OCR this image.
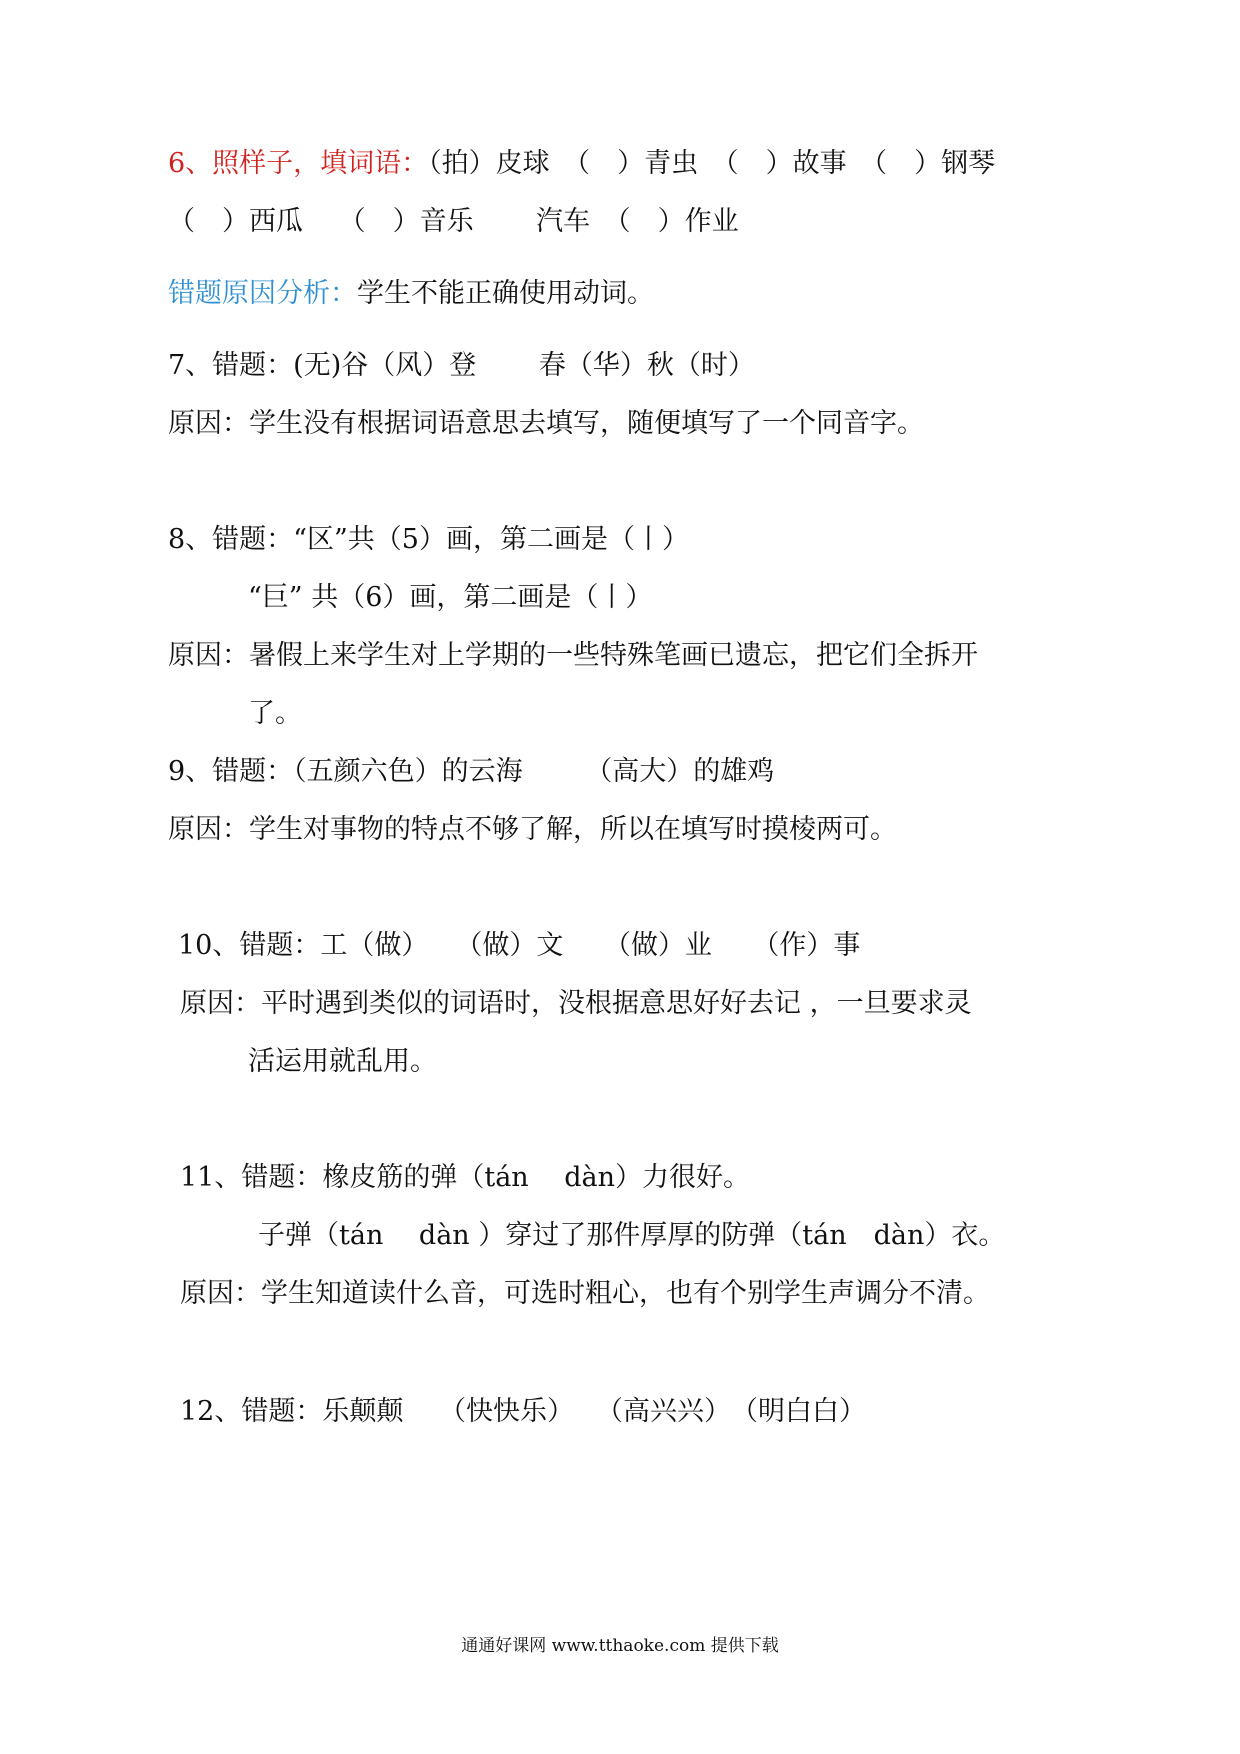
6、照样子，填词语：（拍）皮球　（　）青虫　（　）故事　（　）钢琴
（　）西瓜　 （　）音乐　 　汽车　（　）作业
错题原因分析：学生不能正确使用动词。
7、错题：(无)谷（风）登　　 春（华）秋（时）
原因：学生没有根据词语意思去填写，随便填写了一个同音字。
8、错题：“区”共（5）画，第二画是（丨）
“巨” 共（6）画，第二画是（丨）
原因：暑假上来学生对上学期的一些特殊笔画已遗忘，把它们全拆开
了。
9、错题：（五颜六色）的云海　　 （高大）的雄鸡
原因：学生对事物的特点不够了解，所以在填写时摸棱两可。
10、错题：工（做）　　（做）文　　（做）业　　（作）事
原因：平时遇到类似的词语时，没根据意思好好去记 ，一旦要求灵
活运用就乱用。
11、错题：橡皮筋的弹（tán　 dàn）力很好。
子弹（tán　 dàn ）穿过了那件厚厚的防弹（tán　dàn）衣。
原因：学生知道读什么音，可选时粗心，也有个别学生声调分不清。
12、错题：乐颠颠　 （快快乐）　 （高兴兴）　（明白白）
通通好课网 www.tthaoke.com 提供下载
